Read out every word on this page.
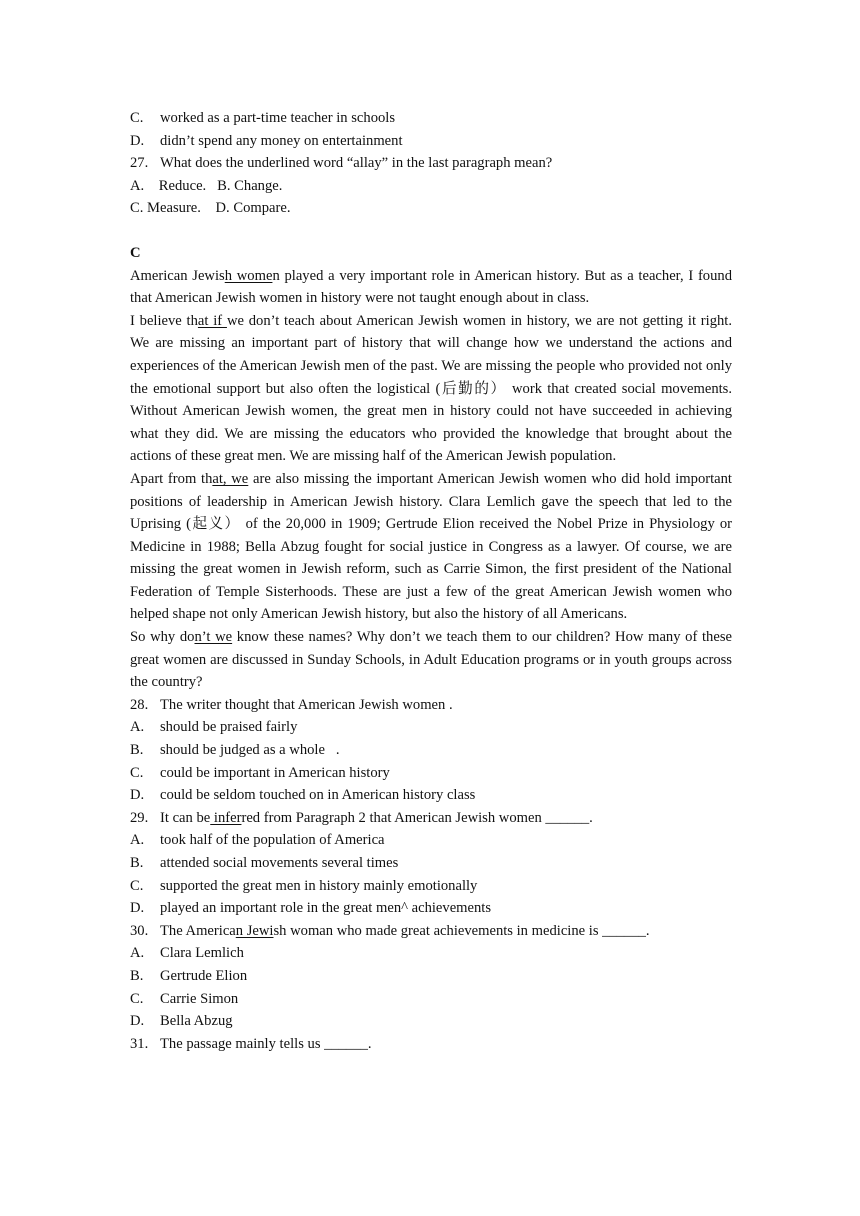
C. worked as a part-time teacher in schools
D. didn’t spend any money on entertainment
27. What does the underlined word “allay” in the last paragraph mean?
A.    Reduce.   B. Change.
C. Measure.    D. Compare.
C
American Jewish women played a very important role in American history. But as a teacher, I found that American Jewish women in history were not taught enough about in class.
I believe that if we don’t teach about American Jewish women in history, we are not getting it right. We are missing an important part of history that will change how we understand the actions and experiences of the American Jewish men of the past. We are missing the people who provided not only the emotional support but also often the logistical (后勤的） work that created social movements. Without American Jewish women, the great men in history could not have succeeded in achieving what they did. We are missing the educators who provided the knowledge that brought about the actions of these great men. We are missing half of the American Jewish population.
Apart from that, we are also missing the important American Jewish women who did hold important positions of leadership in American Jewish history. Clara Lemlich gave the speech that led to the Uprising (起义） of the 20,000 in 1909; Gertrude Elion received the Nobel Prize in Physiology or Medicine in 1988; Bella Abzug fought for social justice in Congress as a lawyer. Of course, we are missing the great women in Jewish reform, such as Carrie Simon, the first president of the National Federation of Temple Sisterhoods. These are just a few of the great American Jewish women who helped shape not only American Jewish history, but also the history of all Americans.
So why don’t we know these names? Why don’t we teach them to our children? How many of these great women are discussed in Sunday Schools, in Adult Education programs or in youth groups across the country?
28. The writer thought that American Jewish women .
A. should be praised fairly
B. should be judged as a whole   .
C. could be important in American history
D. could be seldom touched on in American history class
29. It can be inferred from Paragraph 2 that American Jewish women ______.
A. took half of the population of America
B. attended social movements several times
C. supported the great men in history mainly emotionally
D. played an important role in the great men^ achievements
30. The American Jewish woman who made great achievements in medicine is ______.
A. Clara Lemlich
B. Gertrude Elion
C. Carrie Simon
D. Bella Abzug
31. The passage mainly tells us ______.
